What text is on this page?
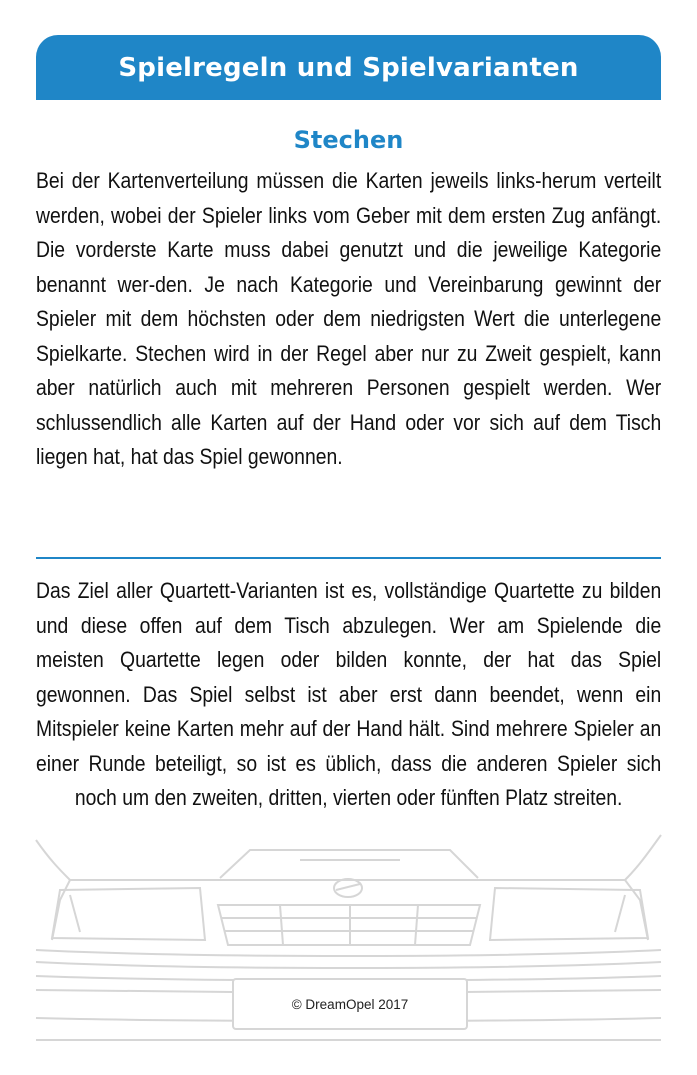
Spielregeln und Spielvarianten
Stechen

Bei der Kartenverteilung müssen die Karten jeweils links-herum verteilt werden, wobei der Spieler links vom Geber mit dem ersten Zug anfängt. Die vorderste Karte muss dabei genutzt und die jeweilige Kategorie benannt wer-den. Je nach Kategorie und Vereinbarung gewinnt der Spieler mit dem höchsten oder dem niedrigsten Wert die unterlegene Spielkarte. Stechen wird in der Regel aber nur zu Zweit gespielt, kann aber natürlich auch mit mehreren Personen gespielt werden. Wer schlussendlich alle Karten auf der Hand oder vor sich auf dem Tisch liegen hat, hat das Spiel gewonnen.

Das Ziel aller Quartett-Varianten ist es, vollständige Quartette zu bilden und diese offen auf dem Tisch abzulegen. Wer am Spielende die meisten Quartette legen oder bilden konnte, der hat das Spiel gewonnen. Das Spiel selbst ist aber erst dann beendet, wenn ein Mitspieler keine Karten mehr auf der Hand hält. Sind mehrere Spieler an einer Runde beteiligt, so ist es üblich, dass die anderen Spieler sich noch um den zweiten, dritten, vierten oder fünften Platz streiten.

© DreamOpel 2017
